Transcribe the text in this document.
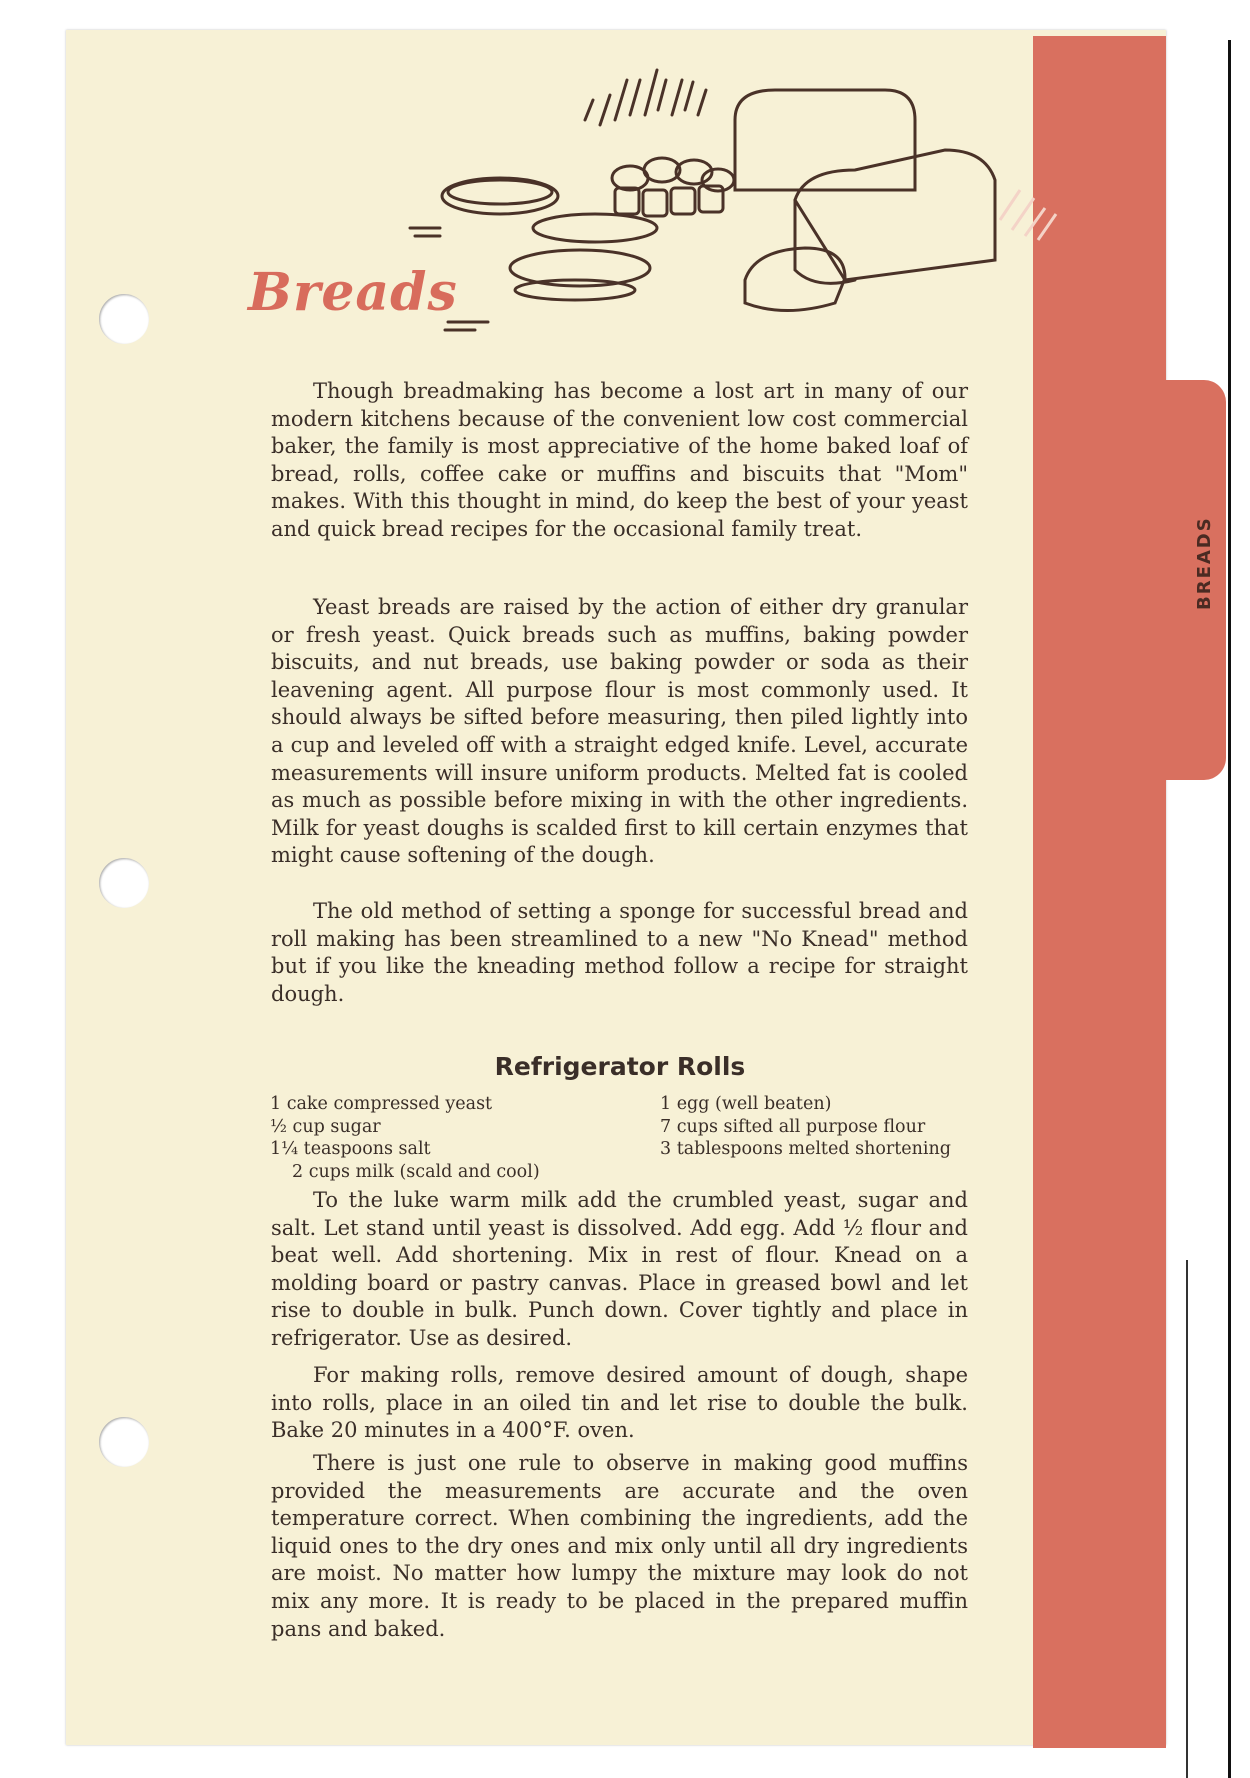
BREADS
Breads

Though breadmaking has become a lost art in many of our modern kitchens because of the convenient low cost commercial baker, the family is most appreciative of the home baked loaf of bread, rolls, coffee cake or muffins and biscuits that "Mom" makes. With this thought in mind, do keep the best of your yeast and quick bread recipes for the occasional family treat.

Yeast breads are raised by the action of either dry granular or fresh yeast. Quick breads such as muffins, baking powder biscuits, and nut breads, use baking powder or soda as their leavening agent. All purpose flour is most commonly used. It should always be sifted before measuring, then piled lightly into a cup and leveled off with a straight edged knife. Level, accurate measurements will insure uniform products. Melted fat is cooled as much as possible before mixing in with the other ingredients. Milk for yeast doughs is scalded first to kill certain enzymes that might cause softening of the dough.

The old method of setting a sponge for successful bread and roll making has been streamlined to a new "No Knead" method but if you like the kneading method follow a recipe for straight dough.

Refrigerator Rolls
1 cake compressed yeast
½ cup sugar
1¼ teaspoons salt
2 cups milk (scald and cool)
1 egg (well beaten)
7 cups sifted all purpose flour
3 tablespoons melted shortening

To the luke warm milk add the crumbled yeast, sugar and salt. Let stand until yeast is dissolved. Add egg. Add ½ flour and beat well. Add shortening. Mix in rest of flour. Knead on a molding board or pastry canvas. Place in greased bowl and let rise to double in bulk. Punch down. Cover tightly and place in refrigerator. Use as desired.

For making rolls, remove desired amount of dough, shape into rolls, place in an oiled tin and let rise to double the bulk. Bake 20 minutes in a 400°F. oven.

There is just one rule to observe in making good muffins provided the measurements are accurate and the oven temperature correct. When combining the ingredients, add the liquid ones to the dry ones and mix only until all dry ingredients are moist. No matter how lumpy the mixture may look do not mix any more. It is ready to be placed in the prepared muffin pans and baked.
